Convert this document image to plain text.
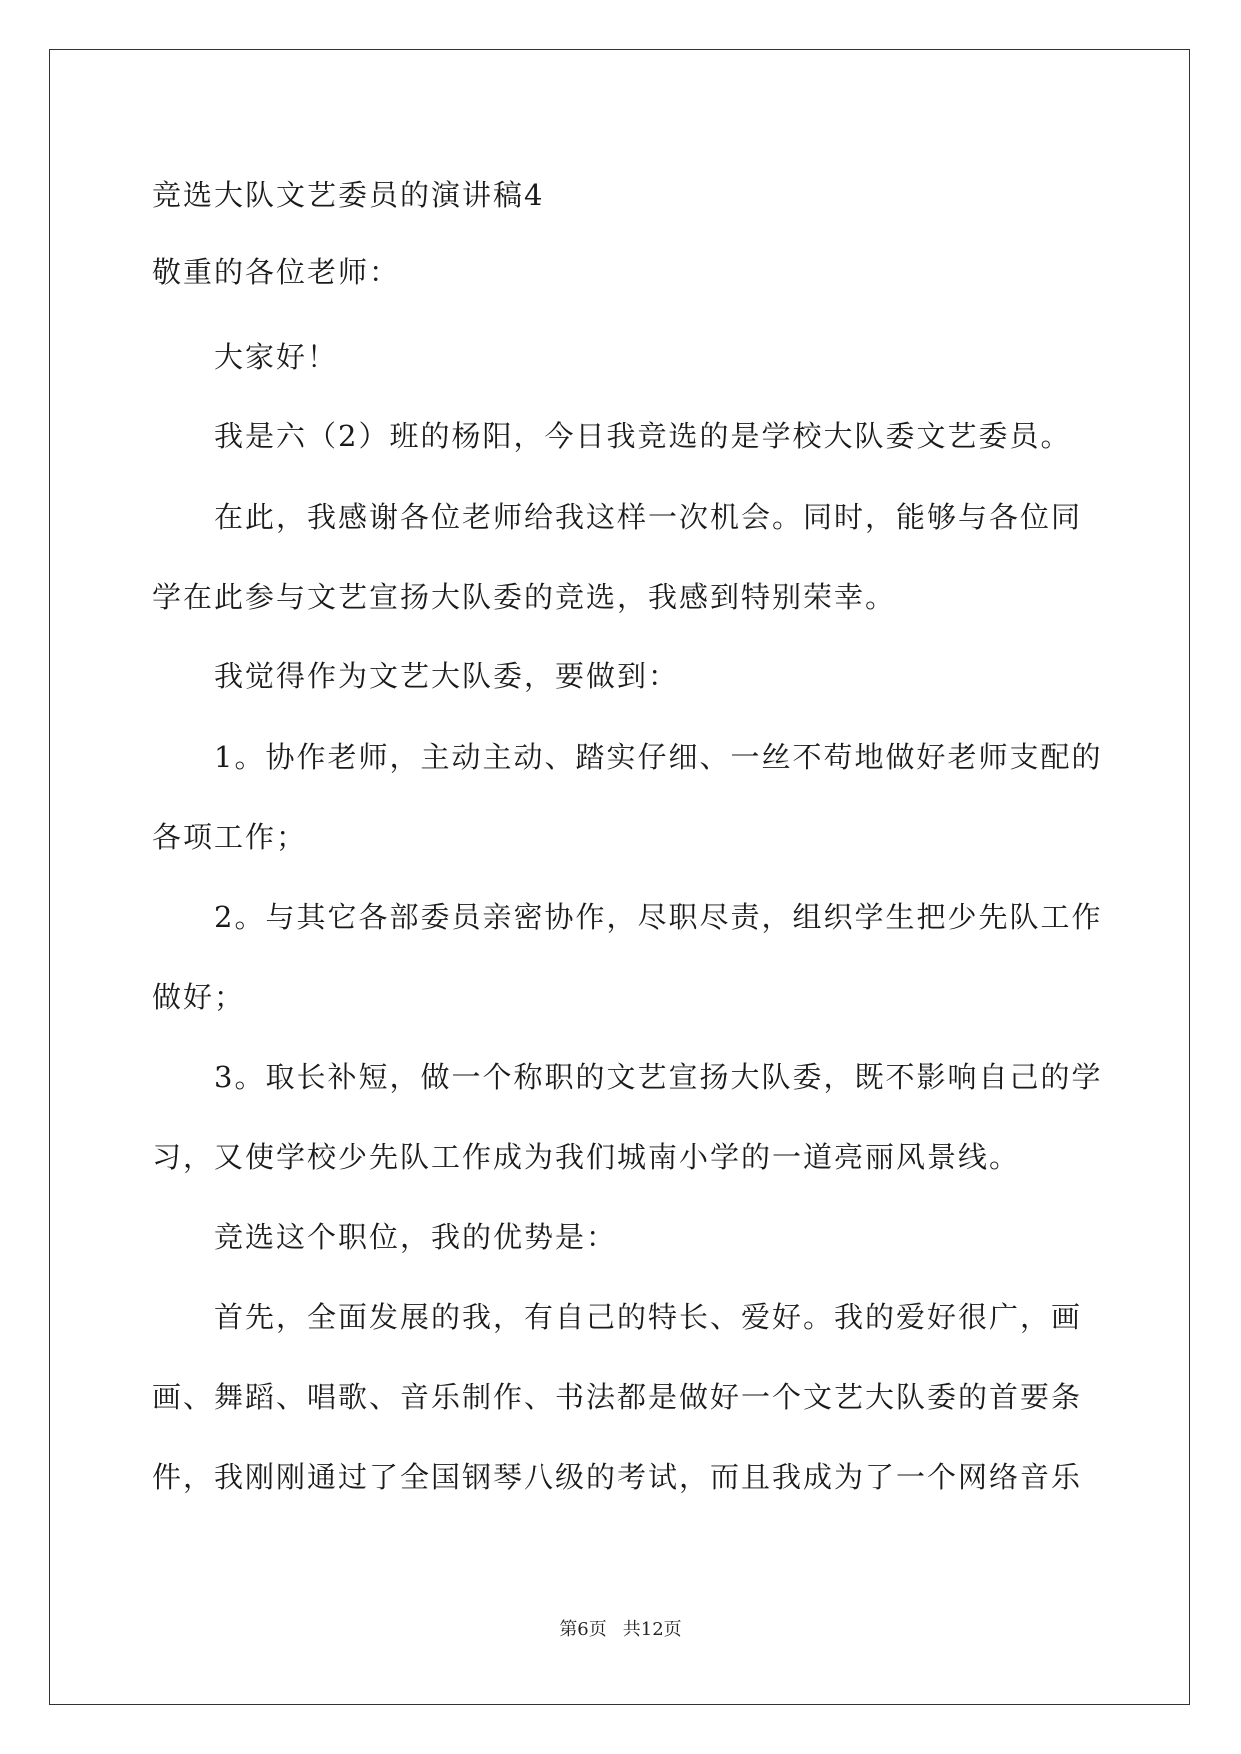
竞选大队文艺委员的演讲稿4
敬重的各位老师：
大家好！
我是六（2）班的杨阳，今日我竞选的是学校大队委文艺委员。
在此，我感谢各位老师给我这样一次机会。同时，能够与各位同
学在此参与文艺宣扬大队委的竞选，我感到特别荣幸。
我觉得作为文艺大队委，要做到：
1。协作老师，主动主动、踏实仔细、一丝不苟地做好老师支配的
各项工作；
2。与其它各部委员亲密协作，尽职尽责，组织学生把少先队工作
做好；
3。取长补短，做一个称职的文艺宣扬大队委，既不影响自己的学
习，又使学校少先队工作成为我们城南小学的一道亮丽风景线。
竞选这个职位，我的优势是：
首先，全面发展的我，有自己的特长、爱好。我的爱好很广，画
画、舞蹈、唱歌、音乐制作、书法都是做好一个文艺大队委的首要条
件，我刚刚通过了全国钢琴八级的考试，而且我成为了一个网络音乐
第6页 共12页
